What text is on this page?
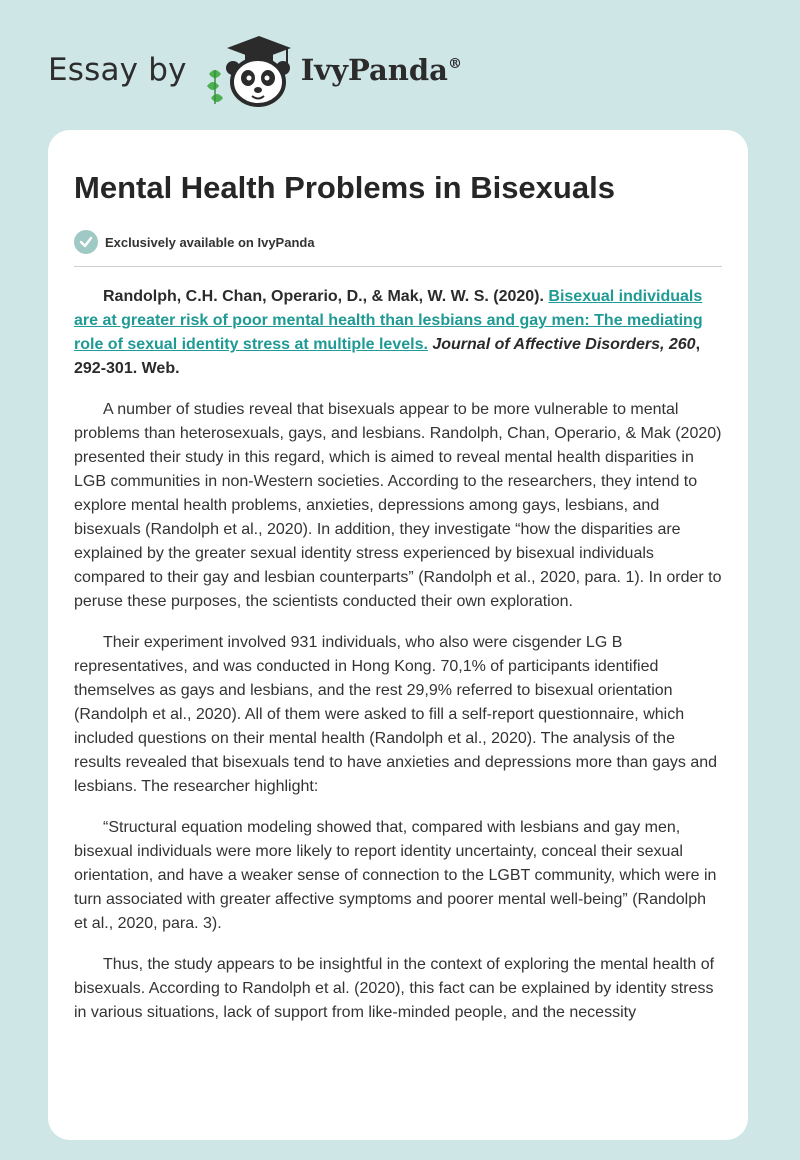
Essay by	IvyPanda®
Mental Health Problems in Bisexuals
Exclusively available on IvyPanda

Randolph, C.H. Chan, Operario, D., & Mak, W. W. S. (2020). Bisexual individuals are at greater risk of poor mental health than lesbians and gay men: The mediating role of sexual identity stress at multiple levels. Journal of Affective Disorders, 260, 292-301. Web.

A number of studies reveal that bisexuals appear to be more vulnerable to mental problems than heterosexuals, gays, and lesbians. Randolph, Chan, Operario, & Mak (2020) presented their study in this regard, which is aimed to reveal mental health disparities in LGB communities in non-Western societies. According to the researchers, they intend to explore mental health problems, anxieties, depressions among gays, lesbians, and bisexuals (Randolph et al., 2020). In addition, they investigate “how the disparities are explained by the greater sexual identity stress experienced by bisexual individuals compared to their gay and lesbian counterparts” (Randolph et al., 2020, para. 1). In order to peruse these purposes, the scientists conducted their own exploration.

Their experiment involved 931 individuals, who also were cisgender LG B representatives, and was conducted in Hong Kong. 70,1% of participants identified themselves as gays and lesbians, and the rest 29,9% referred to bisexual orientation (Randolph et al., 2020). All of them were asked to fill a self-report questionnaire, which included questions on their mental health (Randolph et al., 2020). The analysis of the results revealed that bisexuals tend to have anxieties and depressions more than gays and lesbians. The researcher highlight:

“Structural equation modeling showed that, compared with lesbians and gay men, bisexual individuals were more likely to report identity uncertainty, conceal their sexual orientation, and have a weaker sense of connection to the LGBT community, which were in turn associated with greater affective symptoms and poorer mental well-being” (Randolph et al., 2020, para. 3).

Thus, the study appears to be insightful in the context of exploring the mental health of bisexuals. According to Randolph et al. (2020), this fact can be explained by identity stress in various situations, lack of support from like-minded people, and the necessity
